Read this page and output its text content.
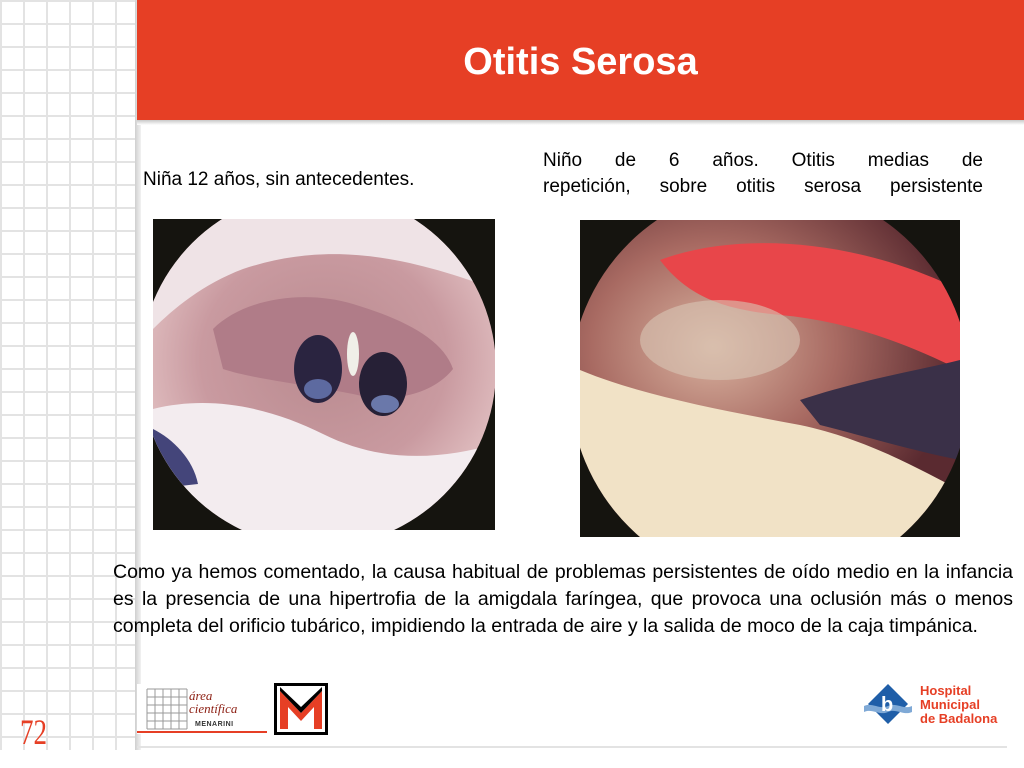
Otitis Serosa
Niña 12 años, sin antecedentes.
Niño de 6 años. Otitis medias de
repetición, sobre otitis serosa persistente
Como ya hemos comentado, la causa habitual de problemas persistentes de oído medio en la infancia es la presencia de una hipertrofia de la amigdala faríngea, que provoca una oclusión más o menos completa del orificio tubárico, impidiendo la entrada de aire y la salida de moco de la caja timpánica.
72
área
científica
MENARINI
b
Hospital
Municipal
de Badalona
